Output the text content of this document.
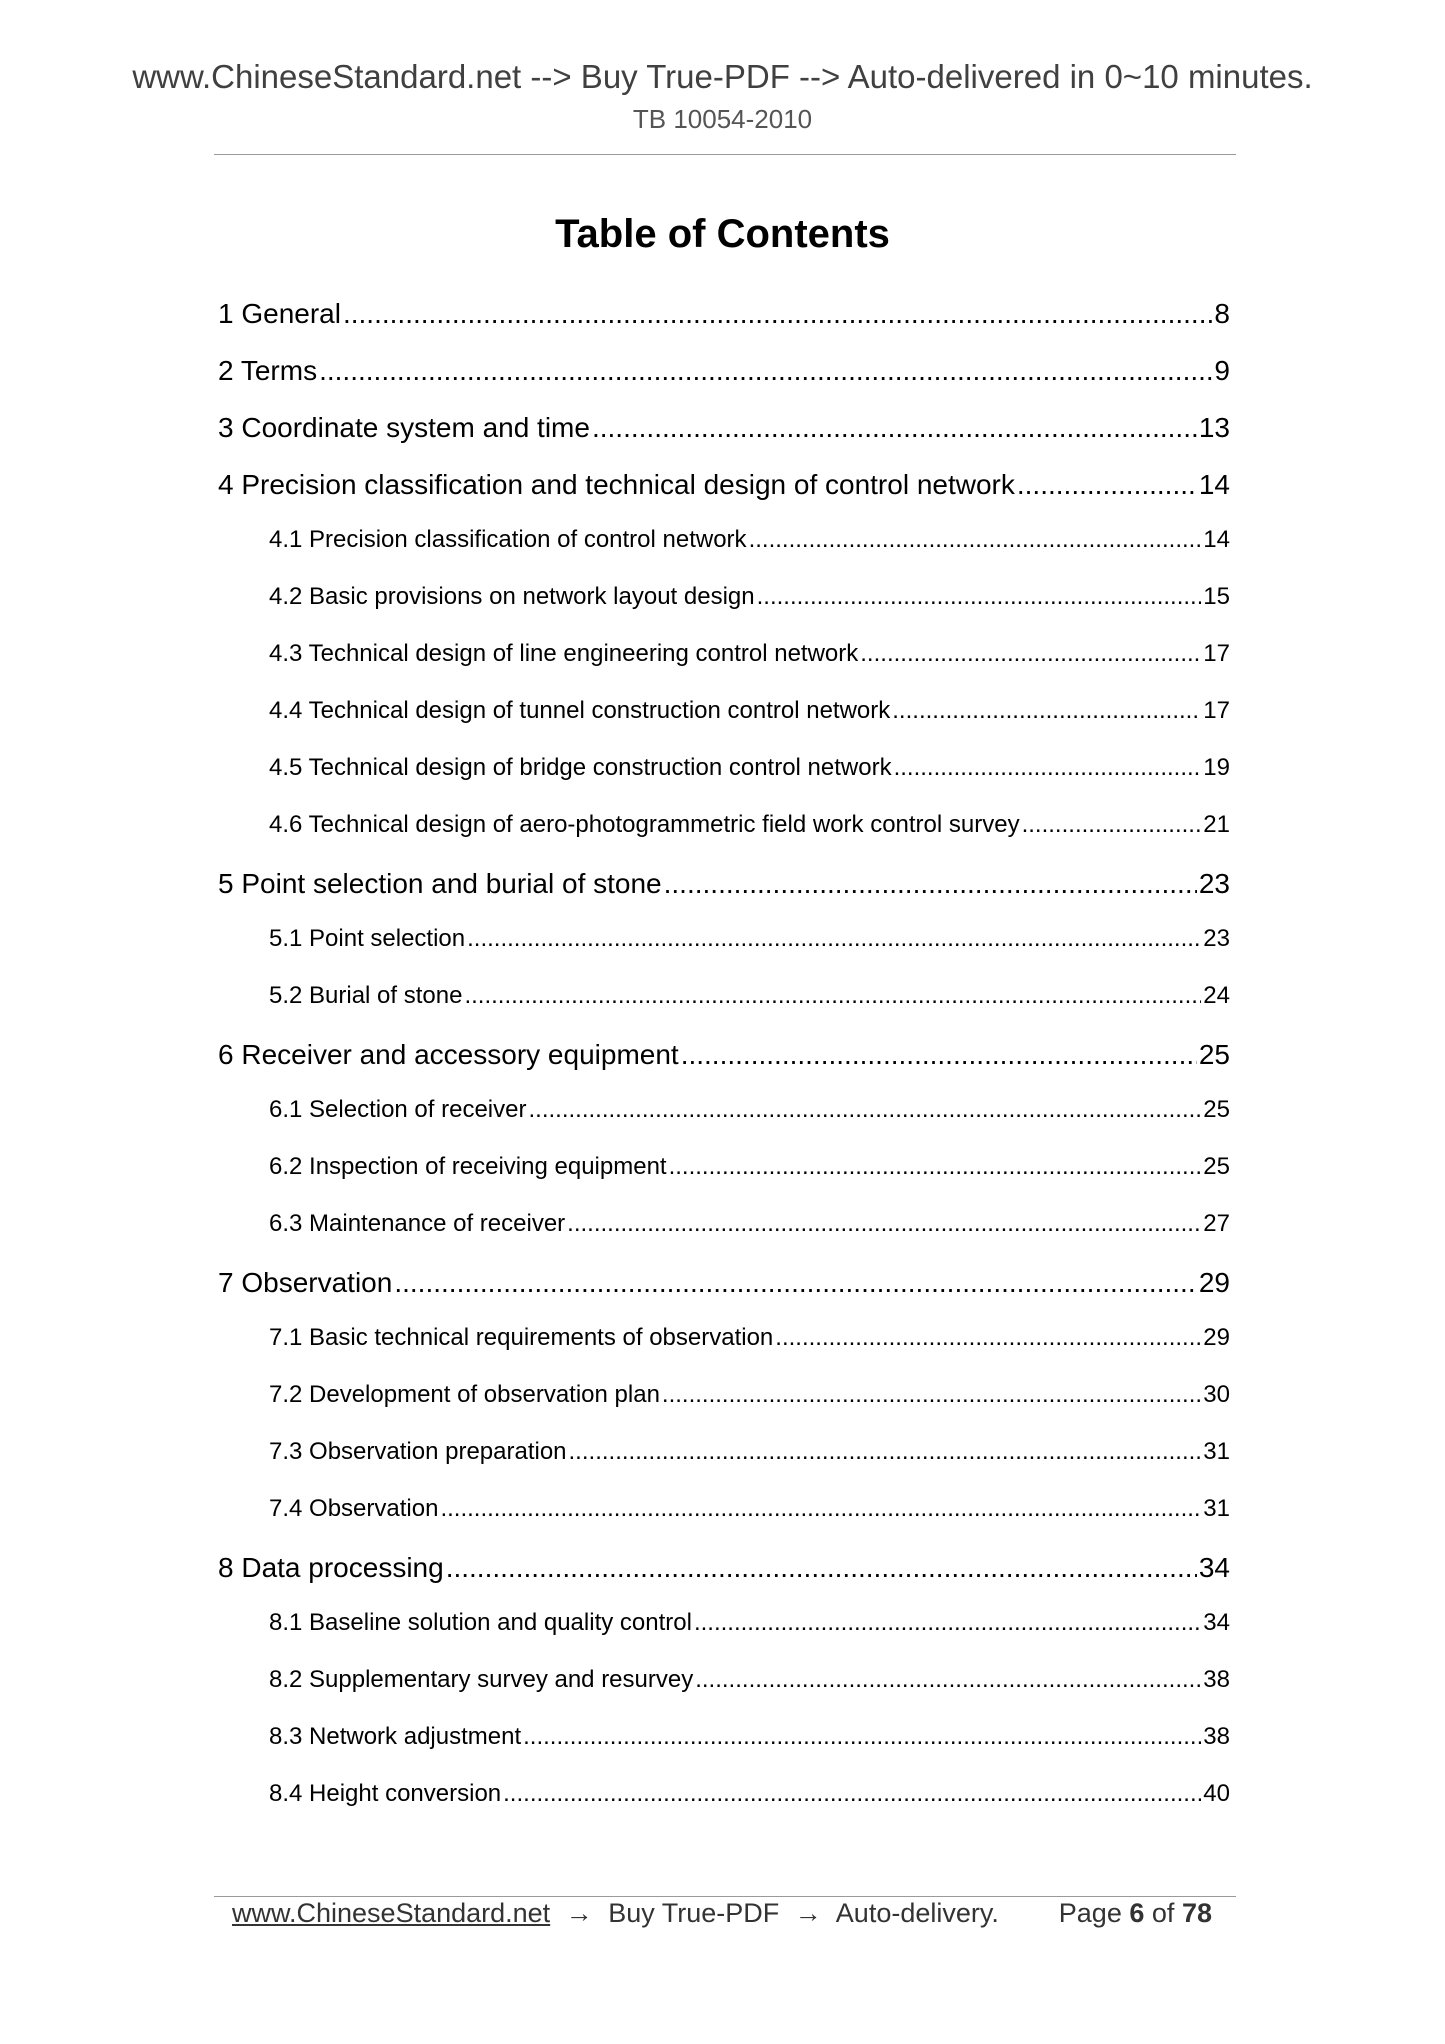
www.ChineseStandard.net --> Buy True-PDF --> Auto-delivered in 0~10 minutes.
TB 10054-2010
Table of Contents
1 General .....	8
2 Terms .....	9
3 Coordinate system and time .....	13
4 Precision classification and technical design of control network .....	14
4.1 Precision classification of control network .....	14
4.2 Basic provisions on network layout design .....	15
4.3 Technical design of line engineering control network .....	17
4.4 Technical design of tunnel construction control network .....	17
4.5 Technical design of bridge construction control network .....	19
4.6 Technical design of aero-photogrammetric field work control survey .....	21
5 Point selection and burial of stone .....	23
5.1 Point selection .....	23
5.2 Burial of stone .....	24
6 Receiver and accessory equipment .....	25
6.1 Selection of receiver .....	25
6.2 Inspection of receiving equipment .....	25
6.3 Maintenance of receiver .....	27
7 Observation .....	29
7.1 Basic technical requirements of observation .....	29
7.2 Development of observation plan .....	30
7.3 Observation preparation .....	31
7.4 Observation .....	31
8 Data processing .....	34
8.1 Baseline solution and quality control .....	34
8.2 Supplementary survey and resurvey .....	38
8.3 Network adjustment .....	38
8.4 Height conversion .....	40
www.ChineseStandard.net → Buy True-PDF → Auto-delivery. Page 6 of 78
